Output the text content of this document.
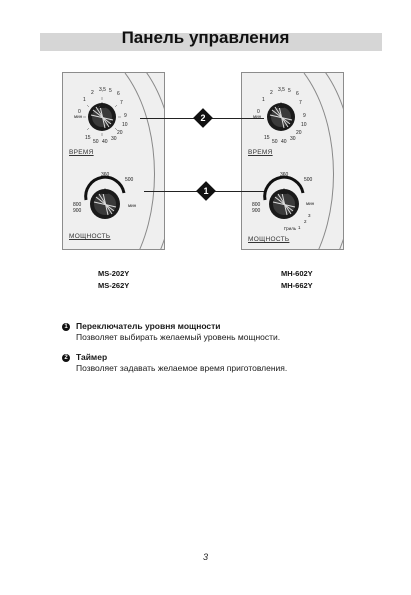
Панель управления
ВРЕМЯ
МОЩНОСТЬ
3,5 5
2	6
1	7
0
мин	9
10
20
30
40
50
15
360
500
800
900
мин
ВРЕМЯ
МОЩНОСТЬ
3,5 5
2	6
1	7
0
мин	9
10
20
30
40
50
15
360
500
800
900
мин
Гриль 1
2
3
2
1
MS-202Y
MS-262Y
MH-602Y
MH-662Y
1 Переключатель уровня мощности
Позволяет выбирать желаемый уровень мощности.
2 Таймер
Позволяет задавать желаемое время приготовления.
3
